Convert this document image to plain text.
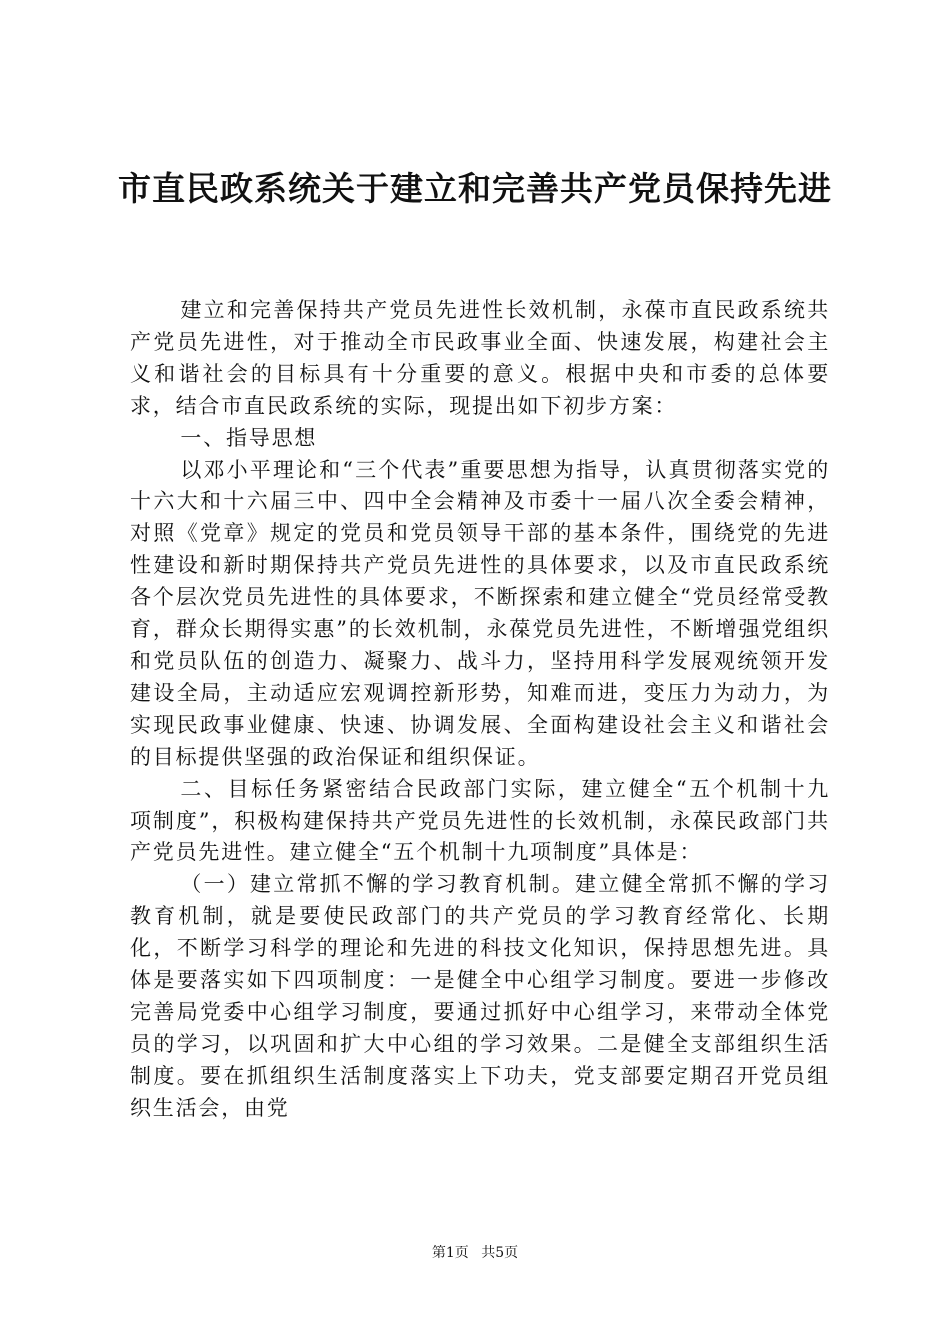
市直民政系统关于建立和完善共产党员保持先进

建立和完善保持共产党员先进性长效机制，永葆市直民政系统共产党员先进性，对于推动全市民政事业全面、快速发展，构建社会主义和谐社会的目标具有十分重要的意义。根据中央和市委的总体要求，结合市直民政系统的实际，现提出如下初步方案：

一、指导思想

以邓小平理论和“三个代表”重要思想为指导，认真贯彻落实党的十六大和十六届三中、四中全会精神及市委十一届八次全委会精神，对照《党章》规定的党员和党员领导干部的基本条件，围绕党的先进性建设和新时期保持共产党员先进性的具体要求，以及市直民政系统各个层次党员先进性的具体要求，不断探索和建立健全“党员经常受教育，群众长期得实惠”的长效机制，永葆党员先进性，不断增强党组织和党员队伍的创造力、凝聚力、战斗力，坚持用科学发展观统领开发建设全局，主动适应宏观调控新形势，知难而进，变压力为动力，为实现民政事业健康、快速、协调发展、全面构建设社会主义和谐社会的目标提供坚强的政治保证和组织保证。

二、目标任务紧密结合民政部门实际，建立健全“五个机制十九项制度”，积极构建保持共产党员先进性的长效机制，永葆民政部门共产党员先进性。建立健全“五个机制十九项制度”具体是：

（一）建立常抓不懈的学习教育机制。建立健全常抓不懈的学习教育机制，就是要使民政部门的共产党员的学习教育经常化、长期化，不断学习科学的理论和先进的科技文化知识，保持思想先进。具体是要落实如下四项制度：一是健全中心组学习制度。要进一步修改完善局党委中心组学习制度，要通过抓好中心组学习，来带动全体党员的学习，以巩固和扩大中心组的学习效果。二是健全支部组织生活制度。要在抓组织生活制度落实上下功夫，党支部要定期召开党员组织生活会，由党

第1页 共5页
